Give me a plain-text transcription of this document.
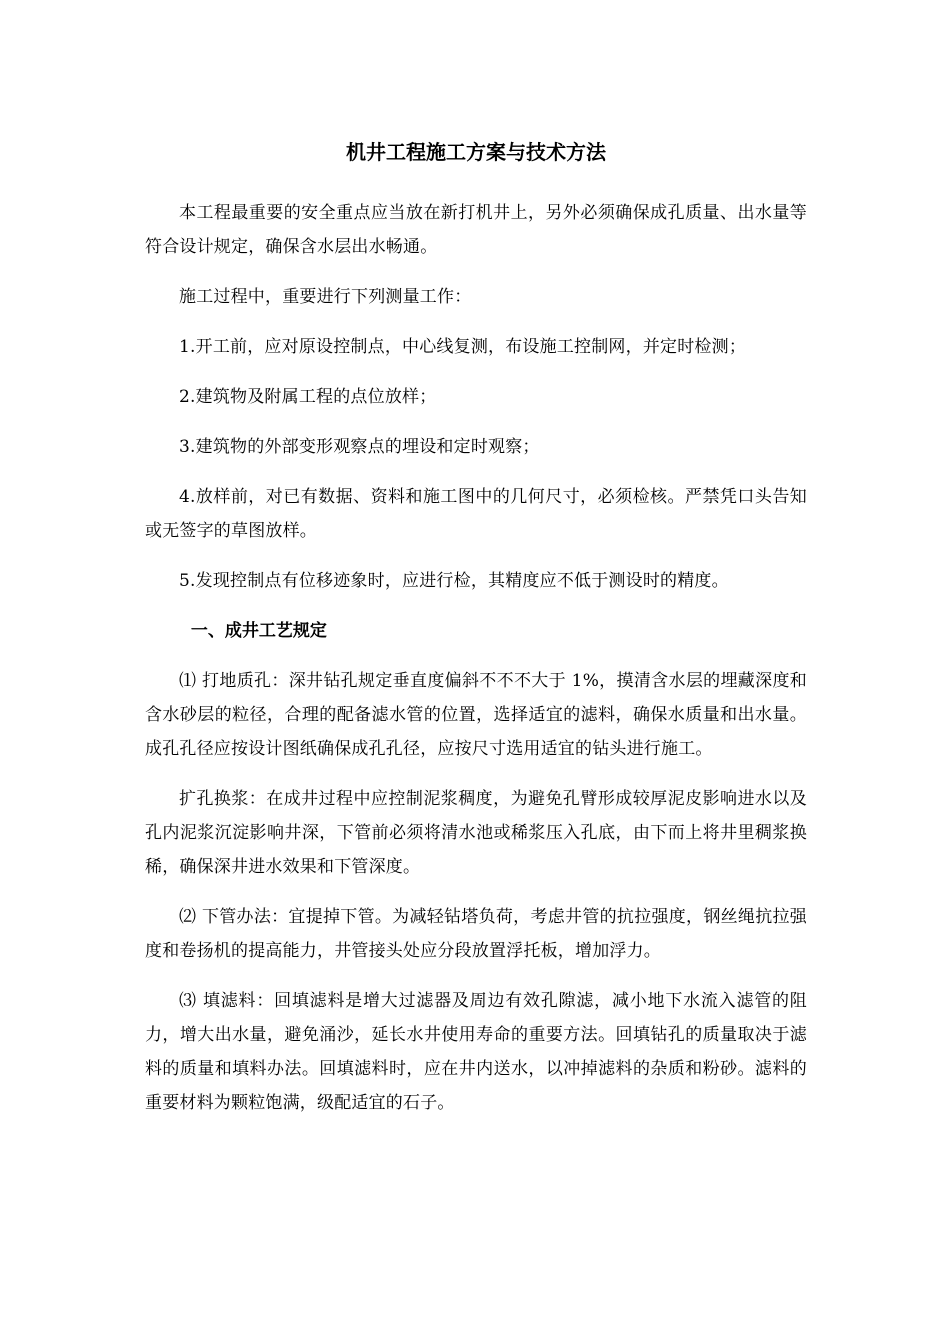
机井工程施工方案与技术方法

本工程最重要的安全重点应当放在新打机井上，另外必须确保成孔质量、出水量等符合设计规定，确保含水层出水畅通。

施工过程中，重要进行下列测量工作：

1.开工前，应对原设控制点，中心线复测，布设施工控制网，并定时检测；

2.建筑物及附属工程的点位放样；

3.建筑物的外部变形观察点的埋设和定时观察；

4.放样前，对已有数据、资料和施工图中的几何尺寸，必须检核。严禁凭口头告知或无签字的草图放样。

5.发现控制点有位移迹象时，应进行检，其精度应不低于测设时的精度。

一、成井工艺规定

⑴ 打地质孔：深井钻孔规定垂直度偏斜不不不大于 1%，摸清含水层的埋藏深度和含水砂层的粒径，合理的配备滤水管的位置，选择适宜的滤料，确保水质量和出水量。成孔孔径应按设计图纸确保成孔孔径，应按尺寸选用适宜的钻头进行施工。

扩孔换浆：在成井过程中应控制泥浆稠度，为避免孔臂形成较厚泥皮影响进水以及孔内泥浆沉淀影响井深，下管前必须将清水池或稀浆压入孔底，由下而上将井里稠浆换稀，确保深井进水效果和下管深度。

⑵ 下管办法：宜提掉下管。为减轻钻塔负荷，考虑井管的抗拉强度，钢丝绳抗拉强度和卷扬机的提高能力，井管接头处应分段放置浮托板，增加浮力。

⑶ 填滤料：回填滤料是增大过滤器及周边有效孔隙滤，减小地下水流入滤管的阻力，增大出水量，避免涌沙，延长水井使用寿命的重要方法。回填钻孔的质量取决于滤料的质量和填料办法。回填滤料时，应在井内送水，以冲掉滤料的杂质和粉砂。滤料的重要材料为颗粒饱满，级配适宜的石子。
